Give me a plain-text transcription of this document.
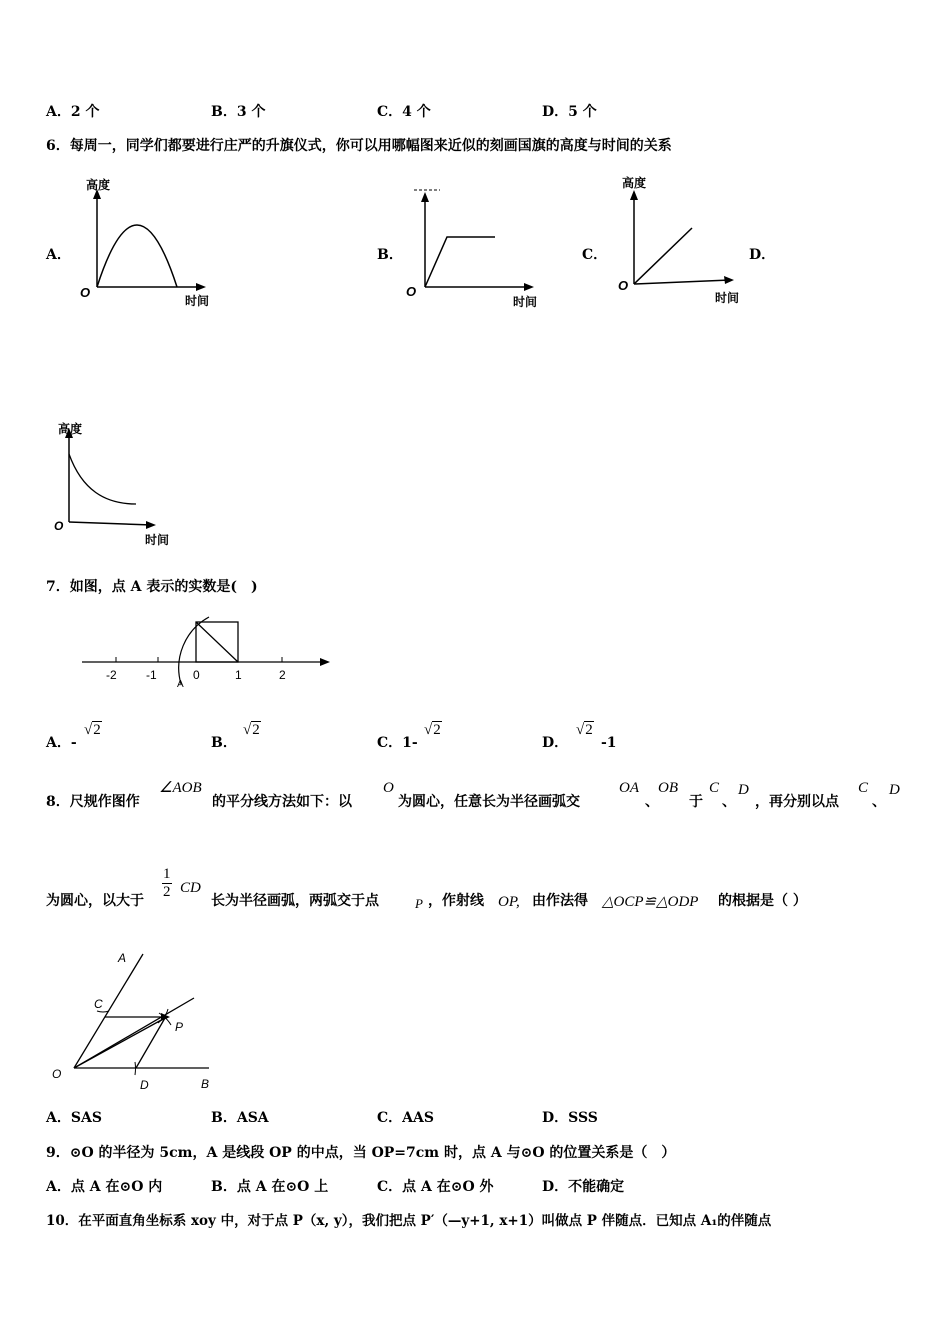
A．2 个	B．3 个	C．4 个	D．5 个
6．每周一，同学们都要进行庄严的升旗仪式，你可以用哪幅图来近似的刻画国旗的高度与时间的关系
A．	B．	C．	D．
高度
O
时间
O
时间
高度
O
时间
高度
O
时间
7．如图，点 A 表示的实数是(　)
-2 -1	0	1	2
A
A．-
√2
B．
√2
C．1-
√2
D．
√2
-1
8．尺规作图作
∠AOB
的平分线方法如下：以
O
为圆心，任意长为半径画弧交
OA
、
OB
于
C
、
D
，再分别以点
C
、
D
为圆心，以大于 $\frac{1}{2}$ CD
长为半径画弧，两弧交于点	P ，作射线 OP, 由作法得 △OCP≌△ODP 的根据是（ ）
A
B
C
D
O
P
A．SAS	B．ASA	C．AAS	D．SSS
9．⊙O 的半径为 5cm，A 是线段 OP 的中点，当 OP=7cm 时，点 A 与⊙O 的位置关系是（　）
A．点 A 在⊙O 内	B．点 A 在⊙O 上	C．点 A 在⊙O 外	D．不能确定
10．在平面直角坐标系 xoy 中，对于点 P（x, y），我们把点 P′（—y+1, x+1）叫做点 P 伴随点．已知点 A₁的伴随点
